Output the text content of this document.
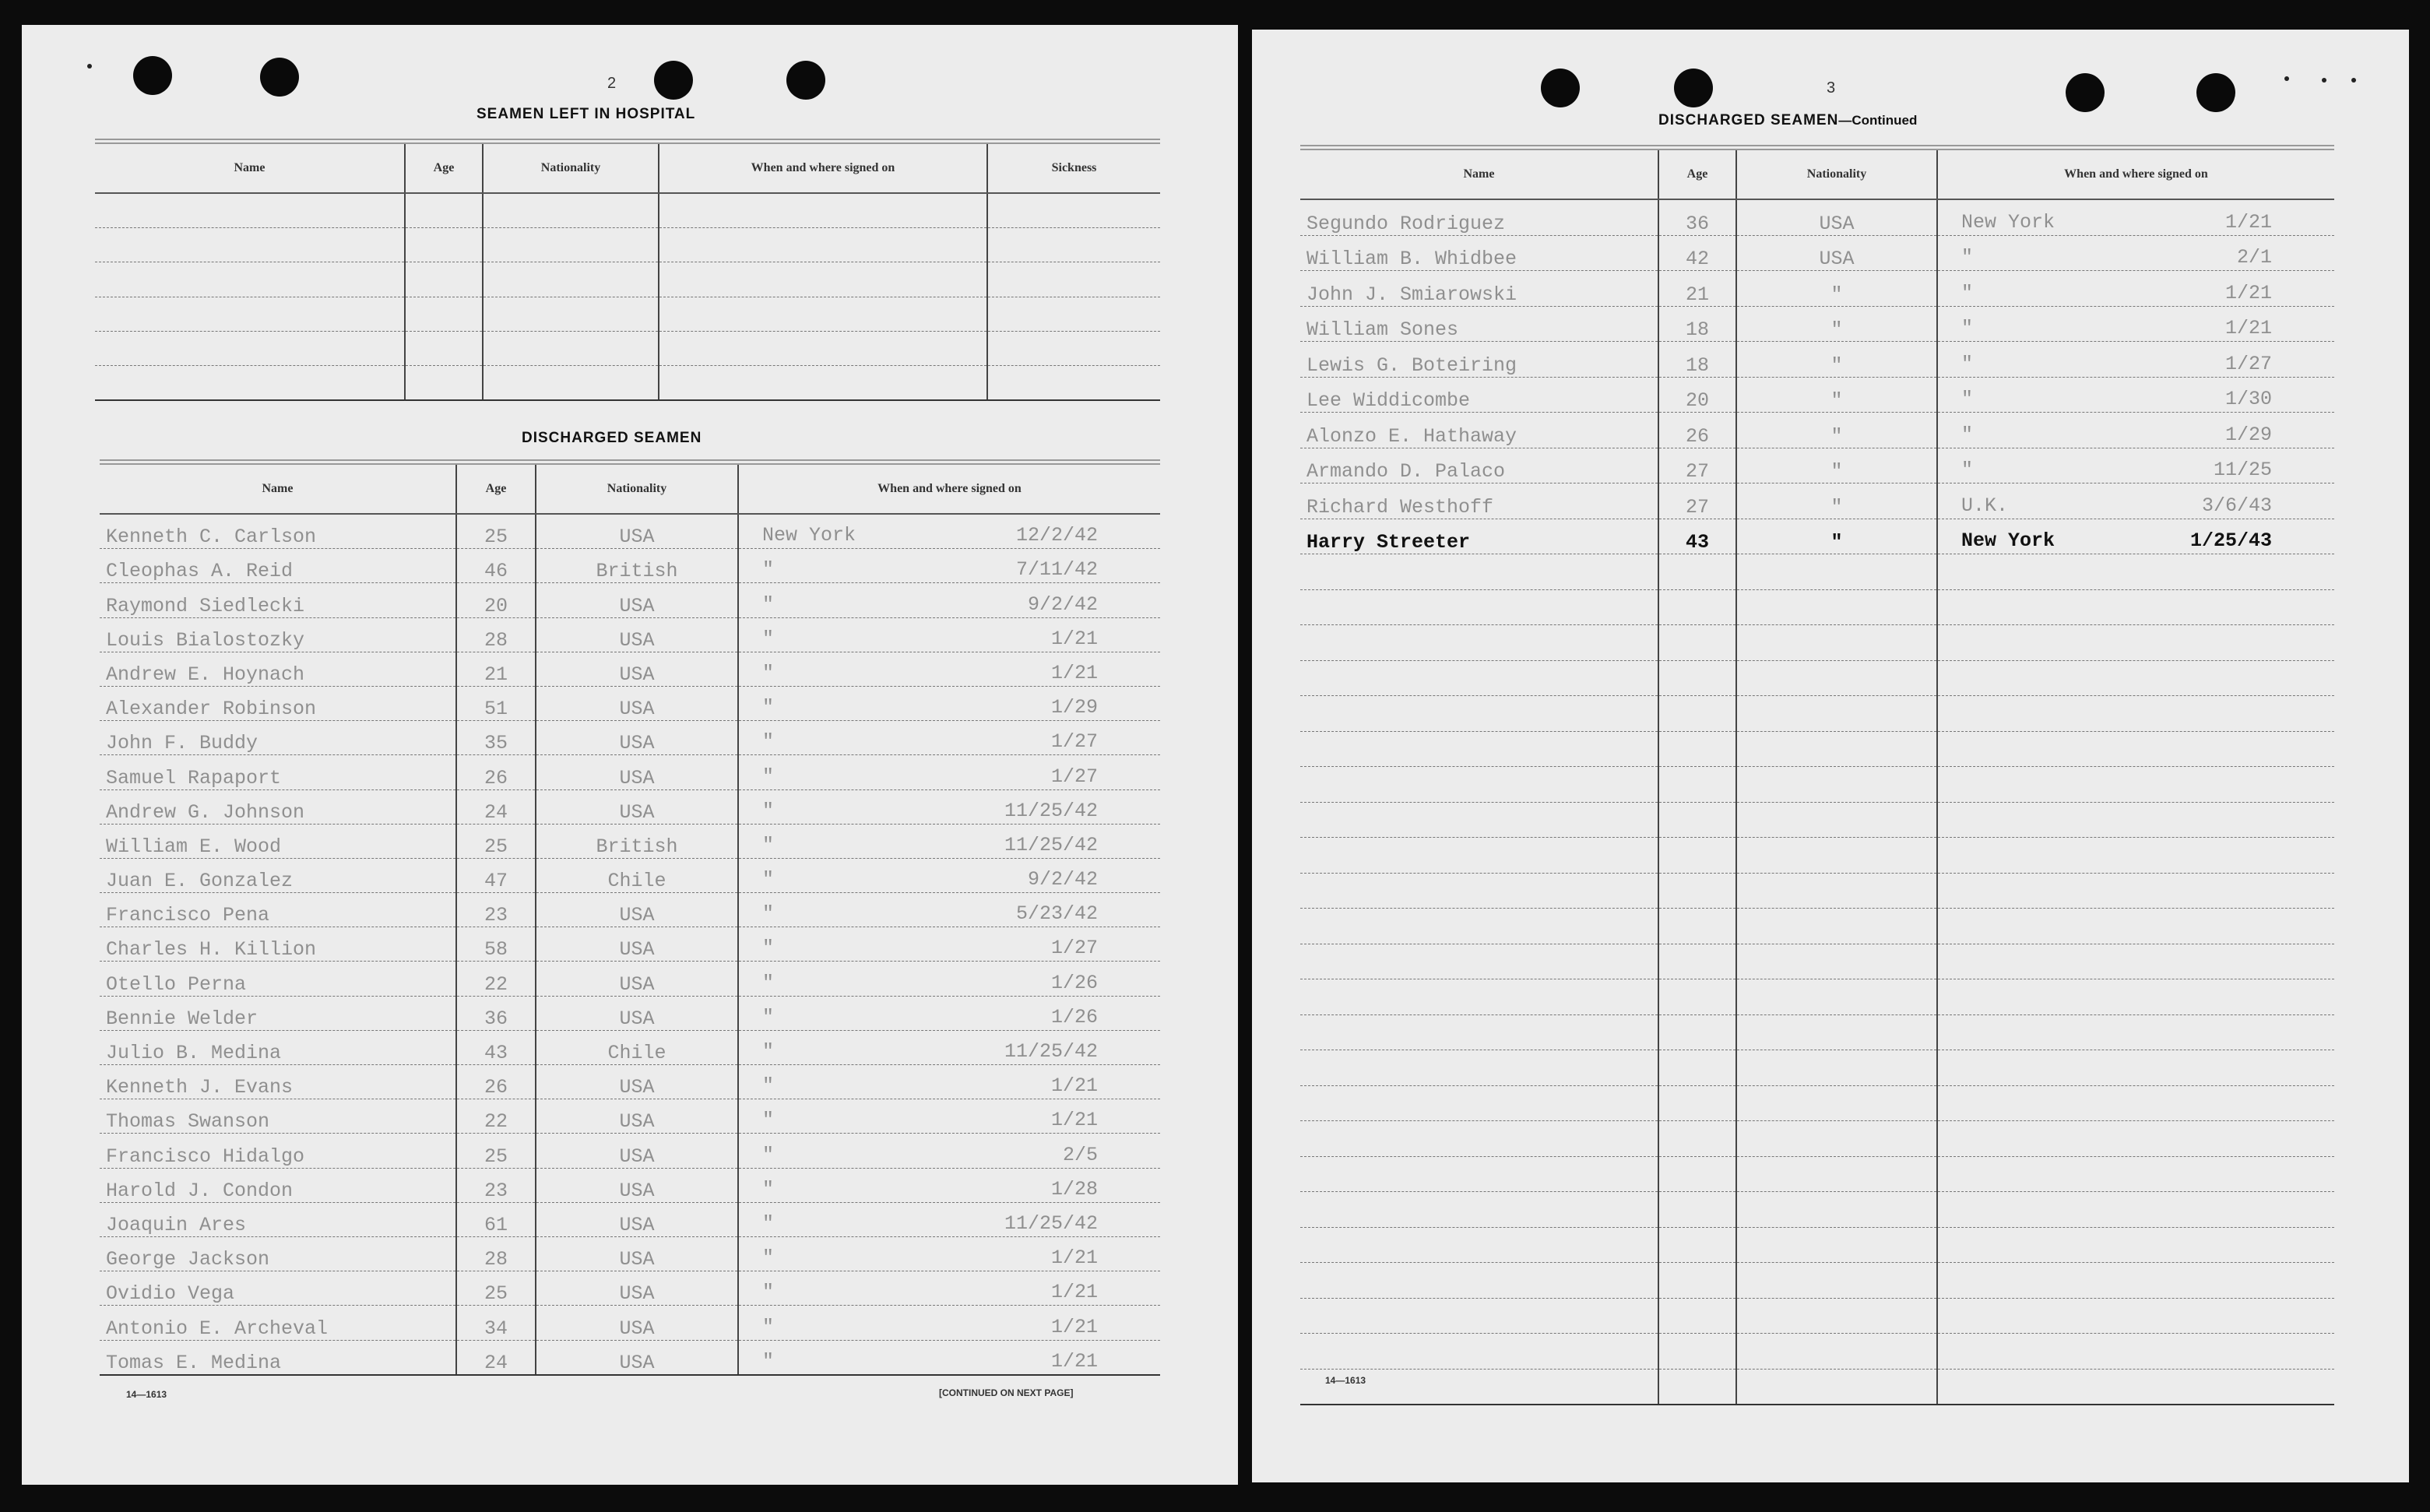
2
SEAMEN LEFT IN HOSPITAL
Name	Age	Nationality	When and where signed on	Sickness

DISCHARGED SEAMEN
Name	Age	Nationality	When and where signed on
Kenneth C. Carlson	25	USA	New York 12/2/42

Cleophas A. Reid	46	British	" 7/11/42

Raymond Siedlecki	20	USA	" 9/2/42

Louis Bialostozky	28	USA	" 1/21

Andrew E. Hoynach	21	USA	" 1/21

Alexander Robinson	51	USA	" 1/29

John F. Buddy	35	USA	" 1/27

Samuel Rapaport	26	USA	" 1/27

Andrew G. Johnson	24	USA	" 11/25/42

William E. Wood	25	British	" 11/25/42

Juan E. Gonzalez	47	Chile	" 9/2/42

Francisco Pena	23	USA	" 5/23/42

Charles H. Killion	58	USA	" 1/27

Otello Perna	22	USA	" 1/26

Bennie Welder	36	USA	" 1/26

Julio B. Medina	43	Chile	" 11/25/42

Kenneth J. Evans	26	USA	" 1/21

Thomas Swanson	22	USA	" 1/21

Francisco Hidalgo	25	USA	" 2/5

Harold J. Condon	23	USA	" 1/28

Joaquin Ares	61	USA	" 11/25/42

George Jackson	28	USA	" 1/21

Ovidio Vega	25	USA	" 1/21

Antonio E. Archeval	34	USA	" 1/21

Tomas E. Medina	24	USA	" 1/21
14—1613	[CONTINUED ON NEXT PAGE]
3
DISCHARGED SEAMEN—Continued
Name	Age	Nationality	When and where signed on
Segundo Rodriguez	36	USA	New York 1/21

William B. Whidbee	42	USA	" 2/1

John J. Smiarowski	21	"	" 1/21

William Sones	18	"	" 1/21

Lewis G. Boteiring	18	"	" 1/27

Lee Widdicombe	20	"	" 1/30

Alonzo E. Hathaway	26	"	" 1/29

Armando D. Palaco	27	"	" 11/25

Richard Westhoff	27	"	U.K. 3/6/43

Harry Streeter	43	"	New York 1/25/43

14—1613
